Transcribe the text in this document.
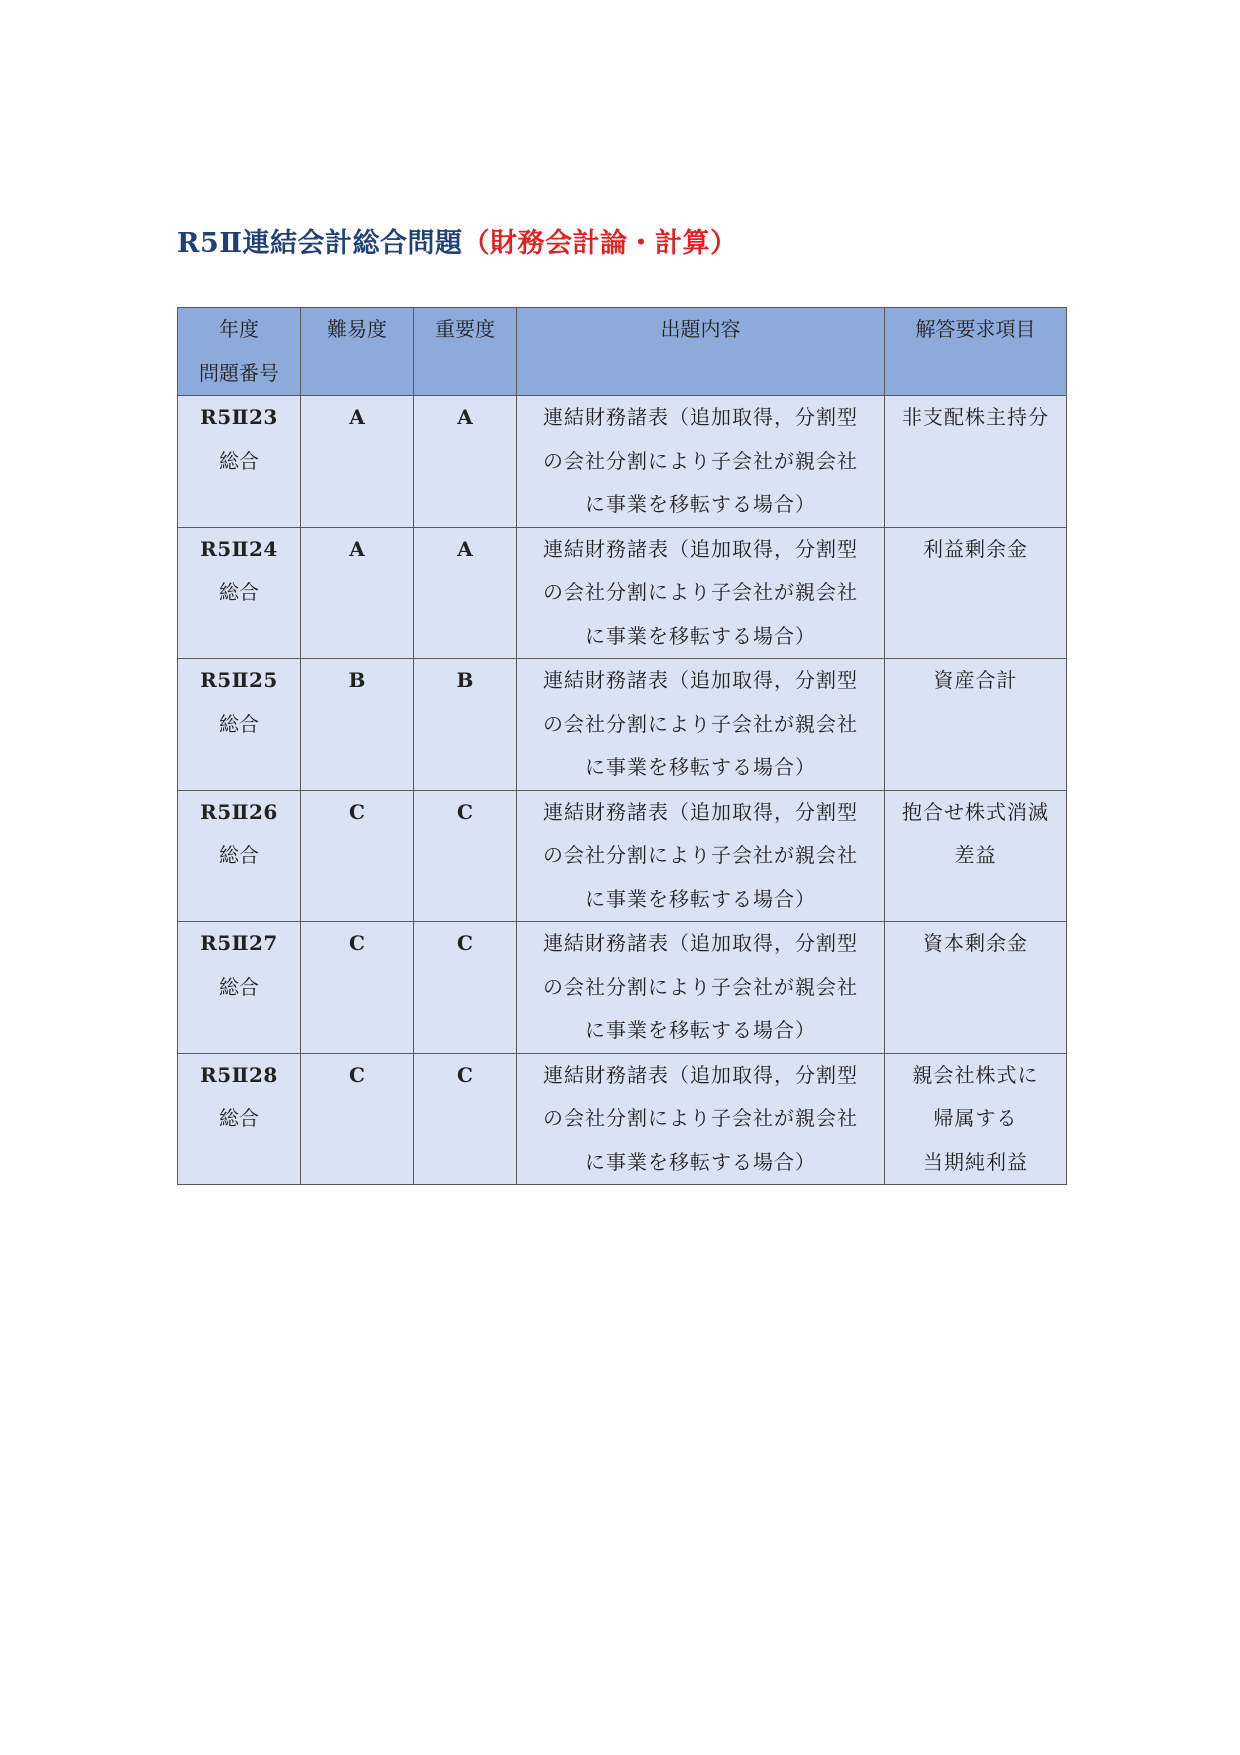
R5Ⅱ連結会計総合問題（財務会計論・計算）
年度
問題番号	難易度	重要度	出題内容	解答要求項目

R5Ⅱ23
総合	A	A	連結財務諸表（追加取得，分割型
の会社分割により子会社が親会社
に事業を移転する場合）	非支配株主持分

R5Ⅱ24
総合	A	A	連結財務諸表（追加取得，分割型
の会社分割により子会社が親会社
に事業を移転する場合）	利益剰余金

R5Ⅱ25
総合	B	B	連結財務諸表（追加取得，分割型
の会社分割により子会社が親会社
に事業を移転する場合）	資産合計

R5Ⅱ26
総合	C	C	連結財務諸表（追加取得，分割型
の会社分割により子会社が親会社
に事業を移転する場合）	抱合せ株式消滅
差益

R5Ⅱ27
総合	C	C	連結財務諸表（追加取得，分割型
の会社分割により子会社が親会社
に事業を移転する場合）	資本剰余金

R5Ⅱ28
総合	C	C	連結財務諸表（追加取得，分割型
の会社分割により子会社が親会社
に事業を移転する場合）	親会社株式に
帰属する
当期純利益
